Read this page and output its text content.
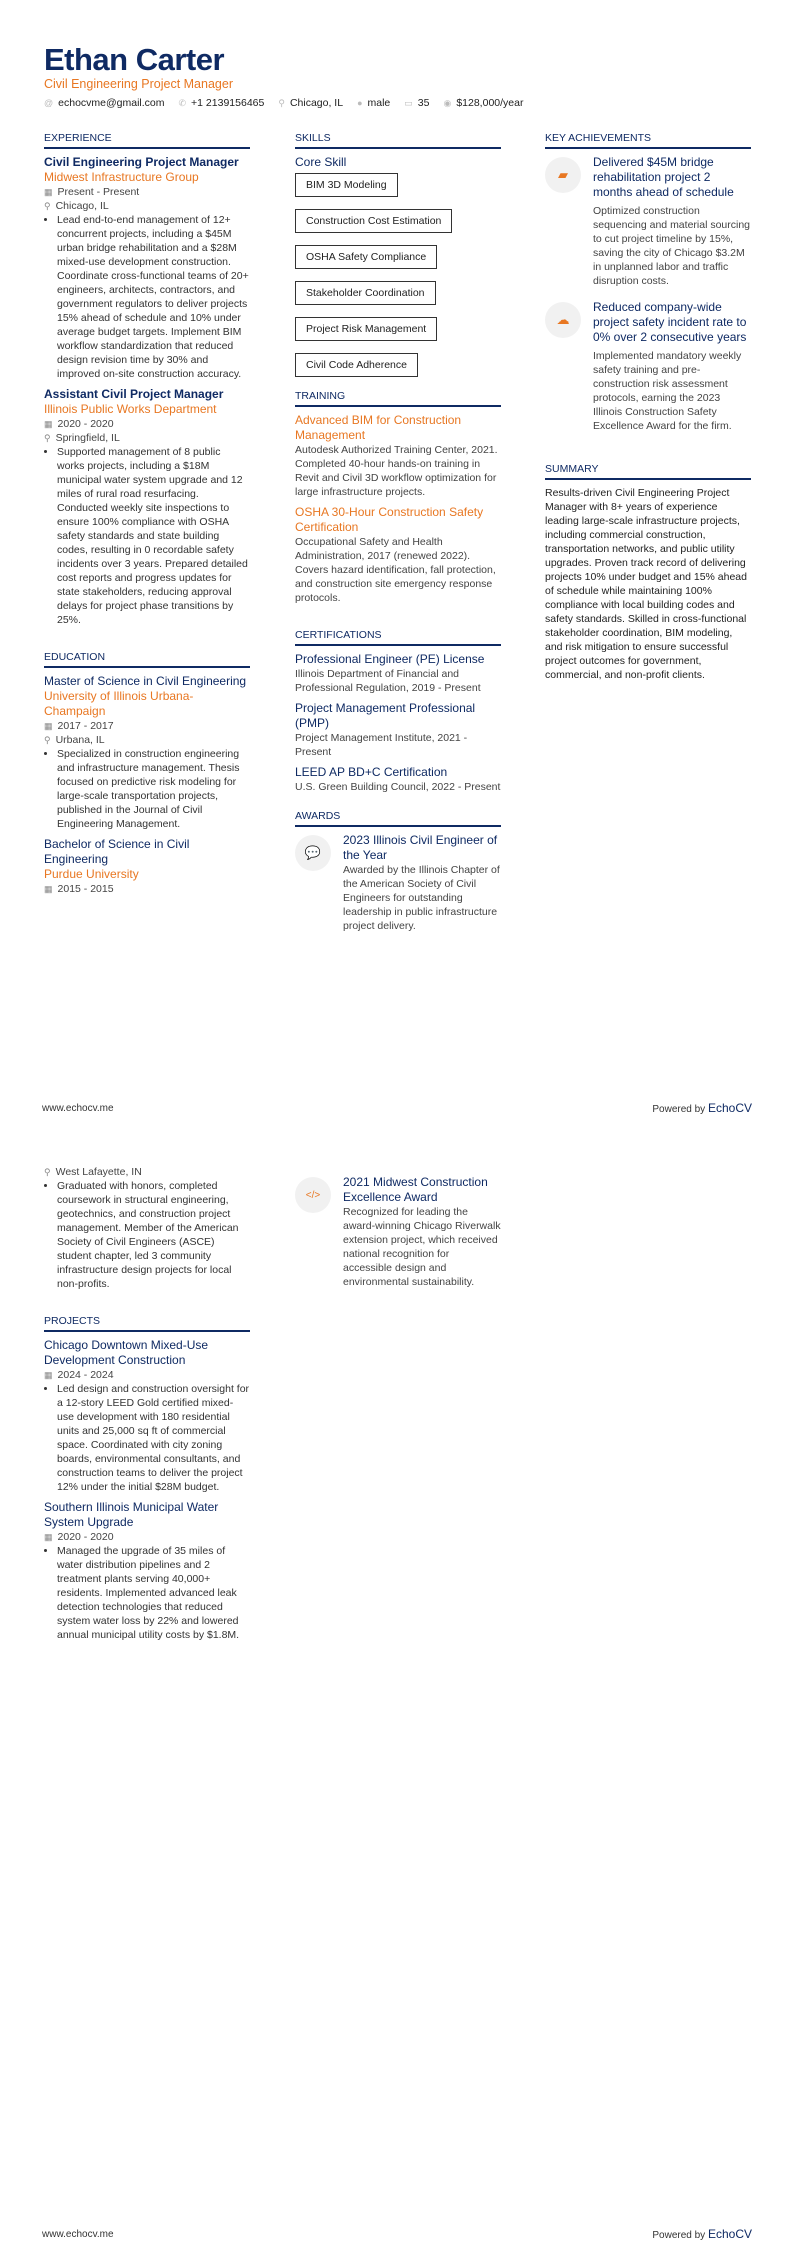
Ethan Carter
Civil Engineering Project Manager
@ echocvme@gmail.com ✆ +1 2139156465 ⚲ Chicago, IL ● male ▭ 35 ◉ $128,000/year
EXPERIENCE
Civil Engineering Project Manager
Midwest Infrastructure Group
▦ Present - Present
⚲ Chicago, IL
• Lead end-to-end management of 12+ concurrent projects, including a $45M urban bridge rehabilitation and a $28M mixed-use development construction. Coordinate cross-functional teams of 20+ engineers, architects, contractors, and government regulators to deliver projects 15% ahead of schedule and 10% under average budget targets. Implement BIM workflow standardization that reduced design revision time by 30% and improved on-site construction accuracy.
Assistant Civil Project Manager
Illinois Public Works Department
▦ 2020 - 2020
⚲ Springfield, IL
• Supported management of 8 public works projects, including a $18M municipal water system upgrade and 12 miles of rural road resurfacing. Conducted weekly site inspections to ensure 100% compliance with OSHA safety standards and state building codes, resulting in 0 recordable safety incidents over 3 years. Prepared detailed cost reports and progress updates for state stakeholders, reducing approval delays for project phase transitions by 25%.
EDUCATION
Master of Science in Civil Engineering
University of Illinois Urbana-Champaign
▦ 2017 - 2017
⚲ Urbana, IL
• Specialized in construction engineering and infrastructure management. Thesis focused on predictive risk modeling for large-scale transportation projects, published in the Journal of Civil Engineering Management.
Bachelor of Science in Civil Engineering
Purdue University
▦ 2015 - 2015
SKILLS
Core Skill
BIM 3D Modeling
Construction Cost Estimation
OSHA Safety Compliance
Stakeholder Coordination
Project Risk Management
Civil Code Adherence
TRAINING
Advanced BIM for Construction Management
Autodesk Authorized Training Center, 2021. Completed 40-hour hands-on training in Revit and Civil 3D workflow optimization for large infrastructure projects.
OSHA 30-Hour Construction Safety Certification
Occupational Safety and Health Administration, 2017 (renewed 2022). Covers hazard identification, fall protection, and construction site emergency response protocols.
CERTIFICATIONS
Professional Engineer (PE) License
Illinois Department of Financial and Professional Regulation, 2019 - Present
Project Management Professional (PMP)
Project Management Institute, 2021 - Present
LEED AP BD+C Certification
U.S. Green Building Council, 2022 - Present
AWARDS
💬
2023 Illinois Civil Engineer of the Year
Awarded by the Illinois Chapter of the American Society of Civil Engineers for outstanding leadership in public infrastructure project delivery.
KEY ACHIEVEMENTS
▰
Delivered $45M bridge rehabilitation project 2 months ahead of schedule
Optimized construction sequencing and material sourcing to cut project timeline by 15%, saving the city of Chicago $3.2M in unplanned labor and traffic disruption costs.
☁
Reduced company-wide project safety incident rate to 0% over 2 consecutive years
Implemented mandatory weekly safety training and pre-construction risk assessment protocols, earning the 2023 Illinois Construction Safety Excellence Award for the firm.
SUMMARY
Results-driven Civil Engineering Project Manager with 8+ years of experience leading large-scale infrastructure projects, including commercial construction, transportation networks, and public utility upgrades. Proven track record of delivering projects 10% under budget and 15% ahead of schedule while maintaining 100% compliance with local building codes and safety standards. Skilled in cross-functional stakeholder coordination, BIM modeling, and risk mitigation to ensure successful project outcomes for government, commercial, and non-profit clients.
www.echocv.me	Powered by EchoCV
⚲ West Lafayette, IN
• Graduated with honors, completed coursework in structural engineering, geotechnics, and construction project management. Member of the American Society of Civil Engineers (ASCE) student chapter, led 3 community infrastructure design projects for local non-profits.
PROJECTS
Chicago Downtown Mixed-Use Development Construction
▦ 2024 - 2024
• Led design and construction oversight for a 12-story LEED Gold certified mixed-use development with 180 residential units and 25,000 sq ft of commercial space. Coordinated with city zoning boards, environmental consultants, and construction teams to deliver the project 12% under the initial $28M budget.
Southern Illinois Municipal Water System Upgrade
▦ 2020 - 2020
• Managed the upgrade of 35 miles of water distribution pipelines and 2 treatment plants serving 40,000+ residents. Implemented advanced leak detection technologies that reduced system water loss by 22% and lowered annual municipal utility costs by $1.8M.
</>
2021 Midwest Construction Excellence Award
Recognized for leading the award-winning Chicago Riverwalk extension project, which received national recognition for accessible design and environmental sustainability.
www.echocv.me	Powered by EchoCV
